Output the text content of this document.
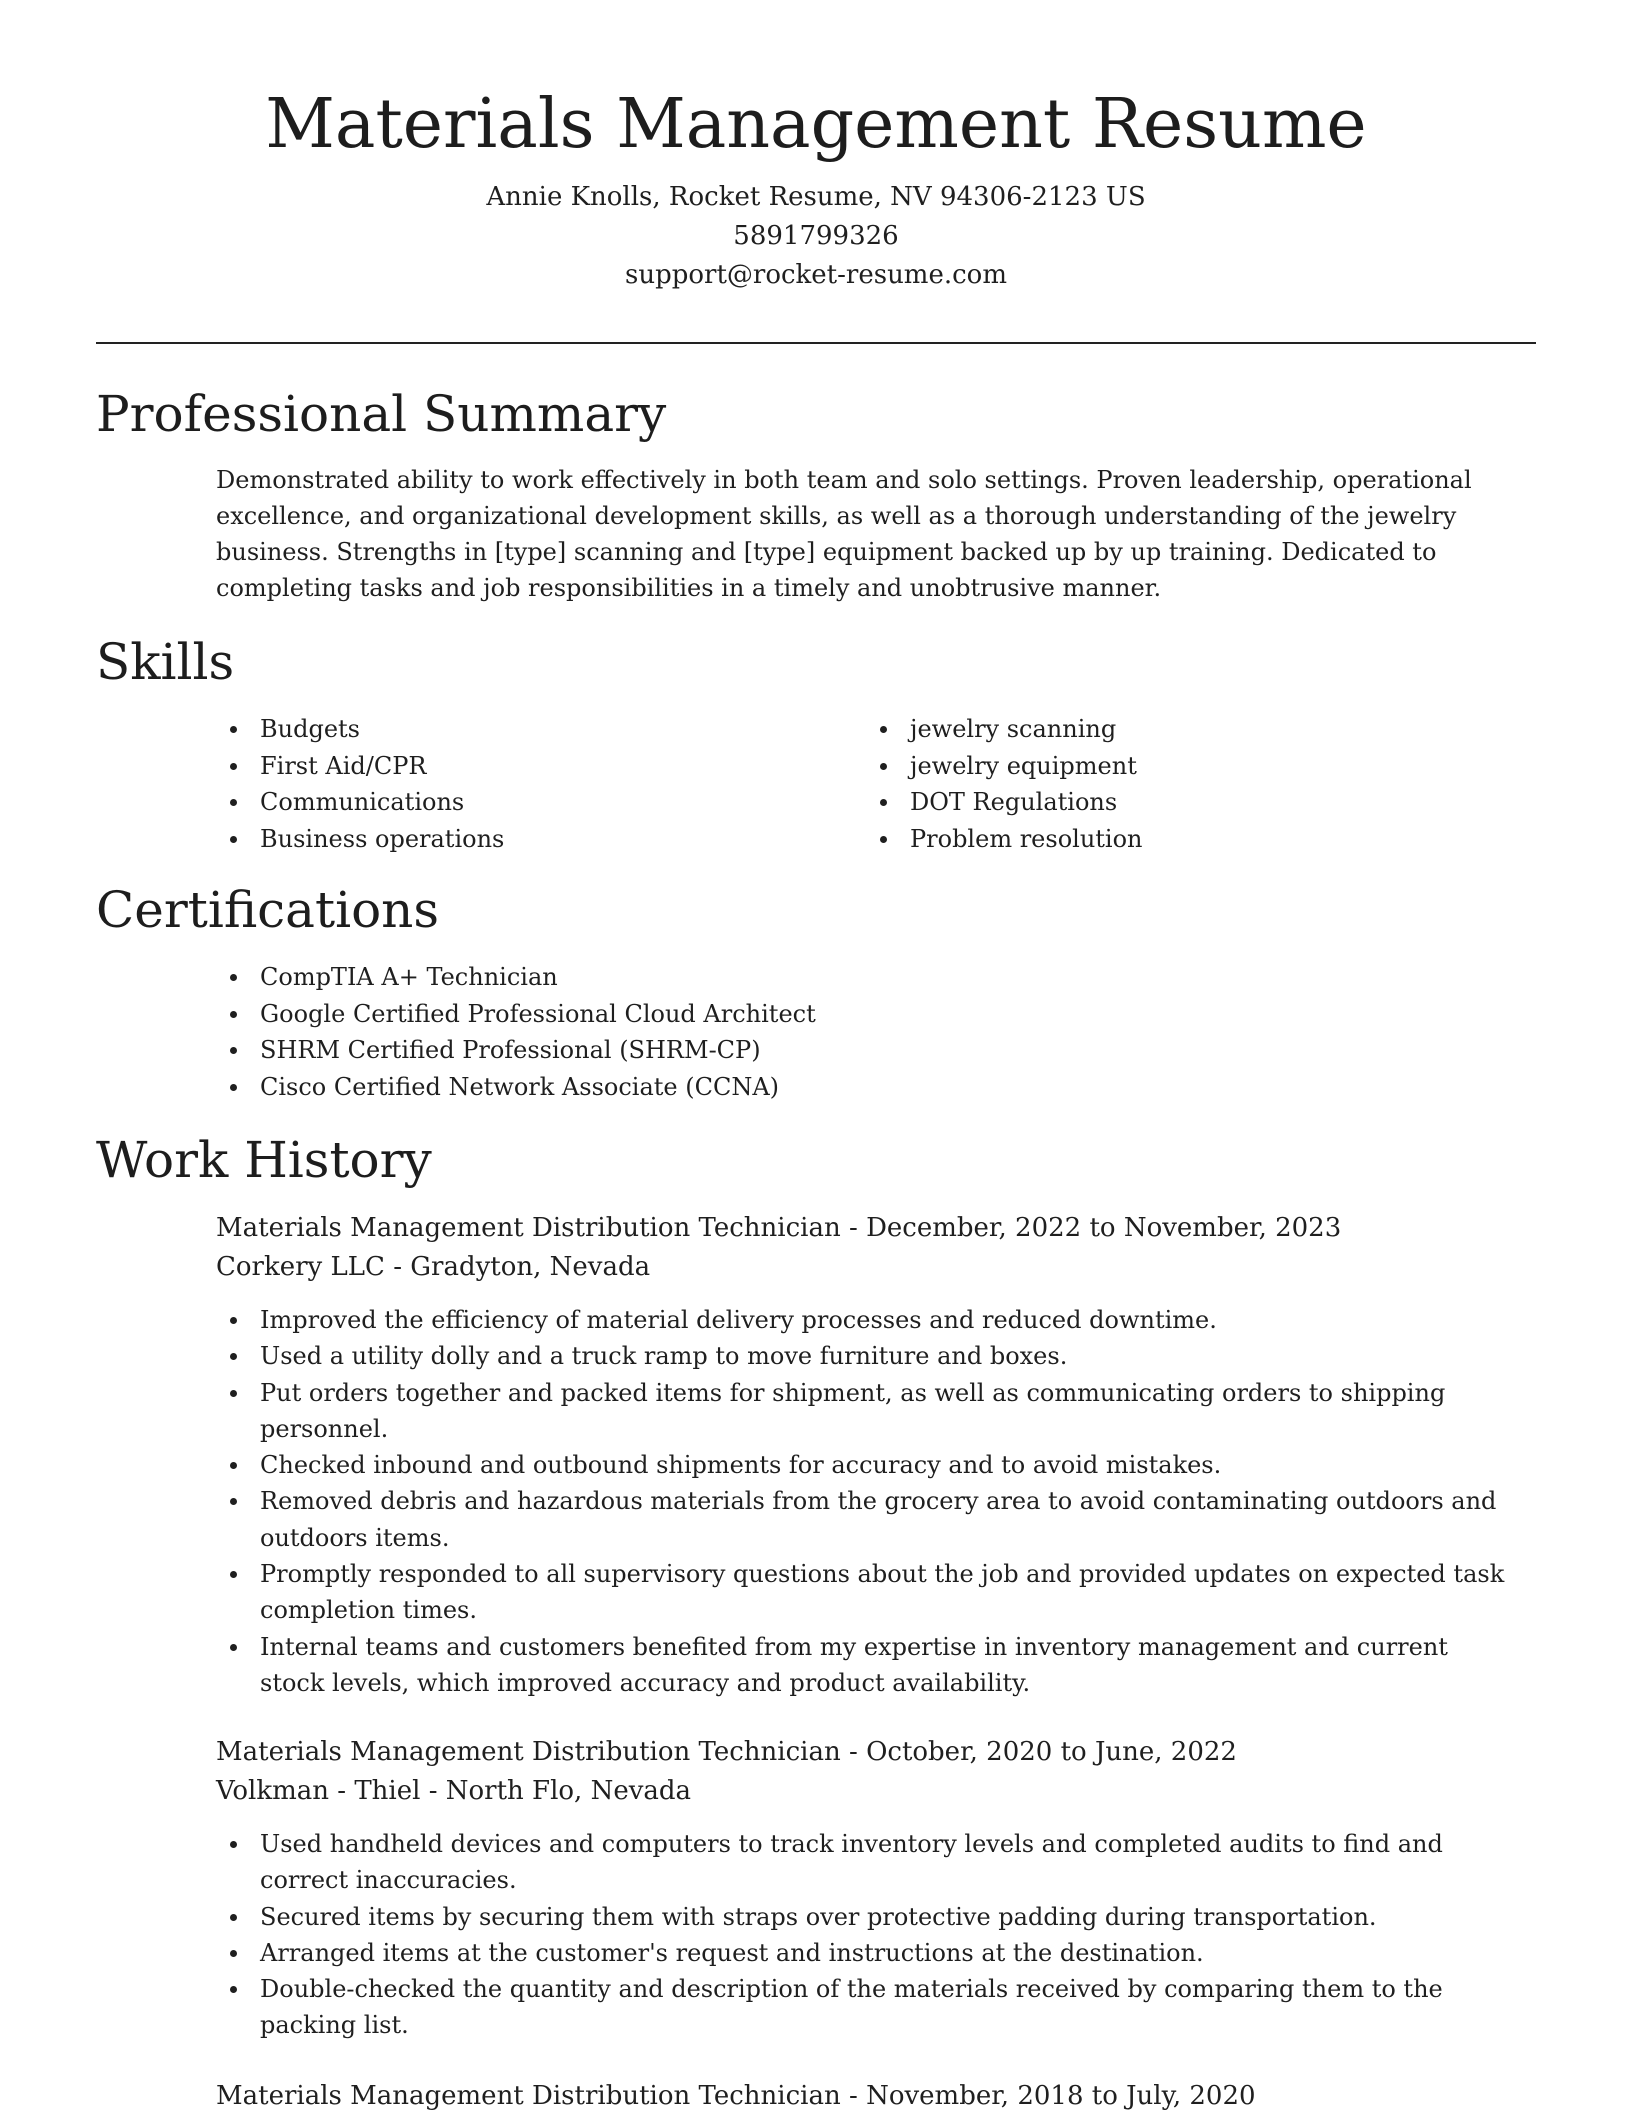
Materials Management Resume
Annie Knolls, Rocket Resume, NV 94306-2123 US
5891799326
support@rocket-resume.com
Professional Summary

Demonstrated ability to work effectively in both team and solo settings. Proven leadership, operational excellence, and organizational development skills, as well as a thorough understanding of the jewelry business. Strengths in [type] scanning and [type] equipment backed up by up training. Dedicated to completing tasks and job responsibilities in a timely and unobtrusive manner.

Skills
Budgets
First Aid/CPR
Communications
Business operations
jewelry scanning
jewelry equipment
DOT Regulations
Problem resolution
Certifications
CompTIA A+ Technician
Google Certified Professional Cloud Architect
SHRM Certified Professional (SHRM-CP)
Cisco Certified Network Associate (CCNA)
Work History
Materials Management Distribution Technician - December, 2022 to November, 2023
Corkery LLC - Gradyton, Nevada
Improved the efficiency of material delivery processes and reduced downtime.
Used a utility dolly and a truck ramp to move furniture and boxes.
Put orders together and packed items for shipment, as well as communicating orders to shipping personnel.
Checked inbound and outbound shipments for accuracy and to avoid mistakes.
Removed debris and hazardous materials from the grocery area to avoid contaminating outdoors and outdoors items.
Promptly responded to all supervisory questions about the job and provided updates on expected task completion times.
Internal teams and customers benefited from my expertise in inventory management and current stock levels, which improved accuracy and product availability.
Materials Management Distribution Technician - October, 2020 to June, 2022
Volkman - Thiel - North Flo, Nevada
Used handheld devices and computers to track inventory levels and completed audits to find and correct inaccuracies.
Secured items by securing them with straps over protective padding during transportation.
Arranged items at the customer's request and instructions at the destination.
Double-checked the quantity and description of the materials received by comparing them to the packing list.
Materials Management Distribution Technician - November, 2018 to July, 2020
